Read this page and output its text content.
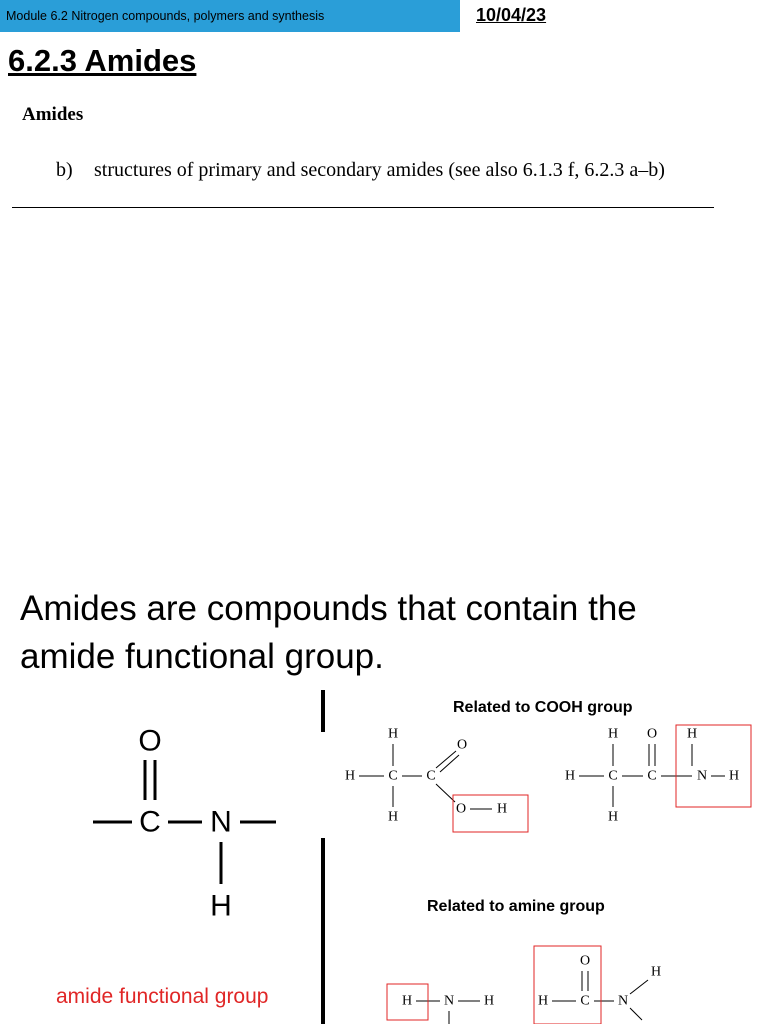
Module 6.2 Nitrogen compounds, polymers and synthesis	10/04/23
6.2.3 Amides
Amides
b) structures of primary and secondary amides (see also 6.1.3 f, 6.2.3 a–b)
Amides are compounds that contain the amide functional group.
O
C N
H
amide functional group
Related to COOH group
Related to amine group
H
H C C
O
H
O H
H O H
H C C	N H
H
H N H	H C
O
N
H
